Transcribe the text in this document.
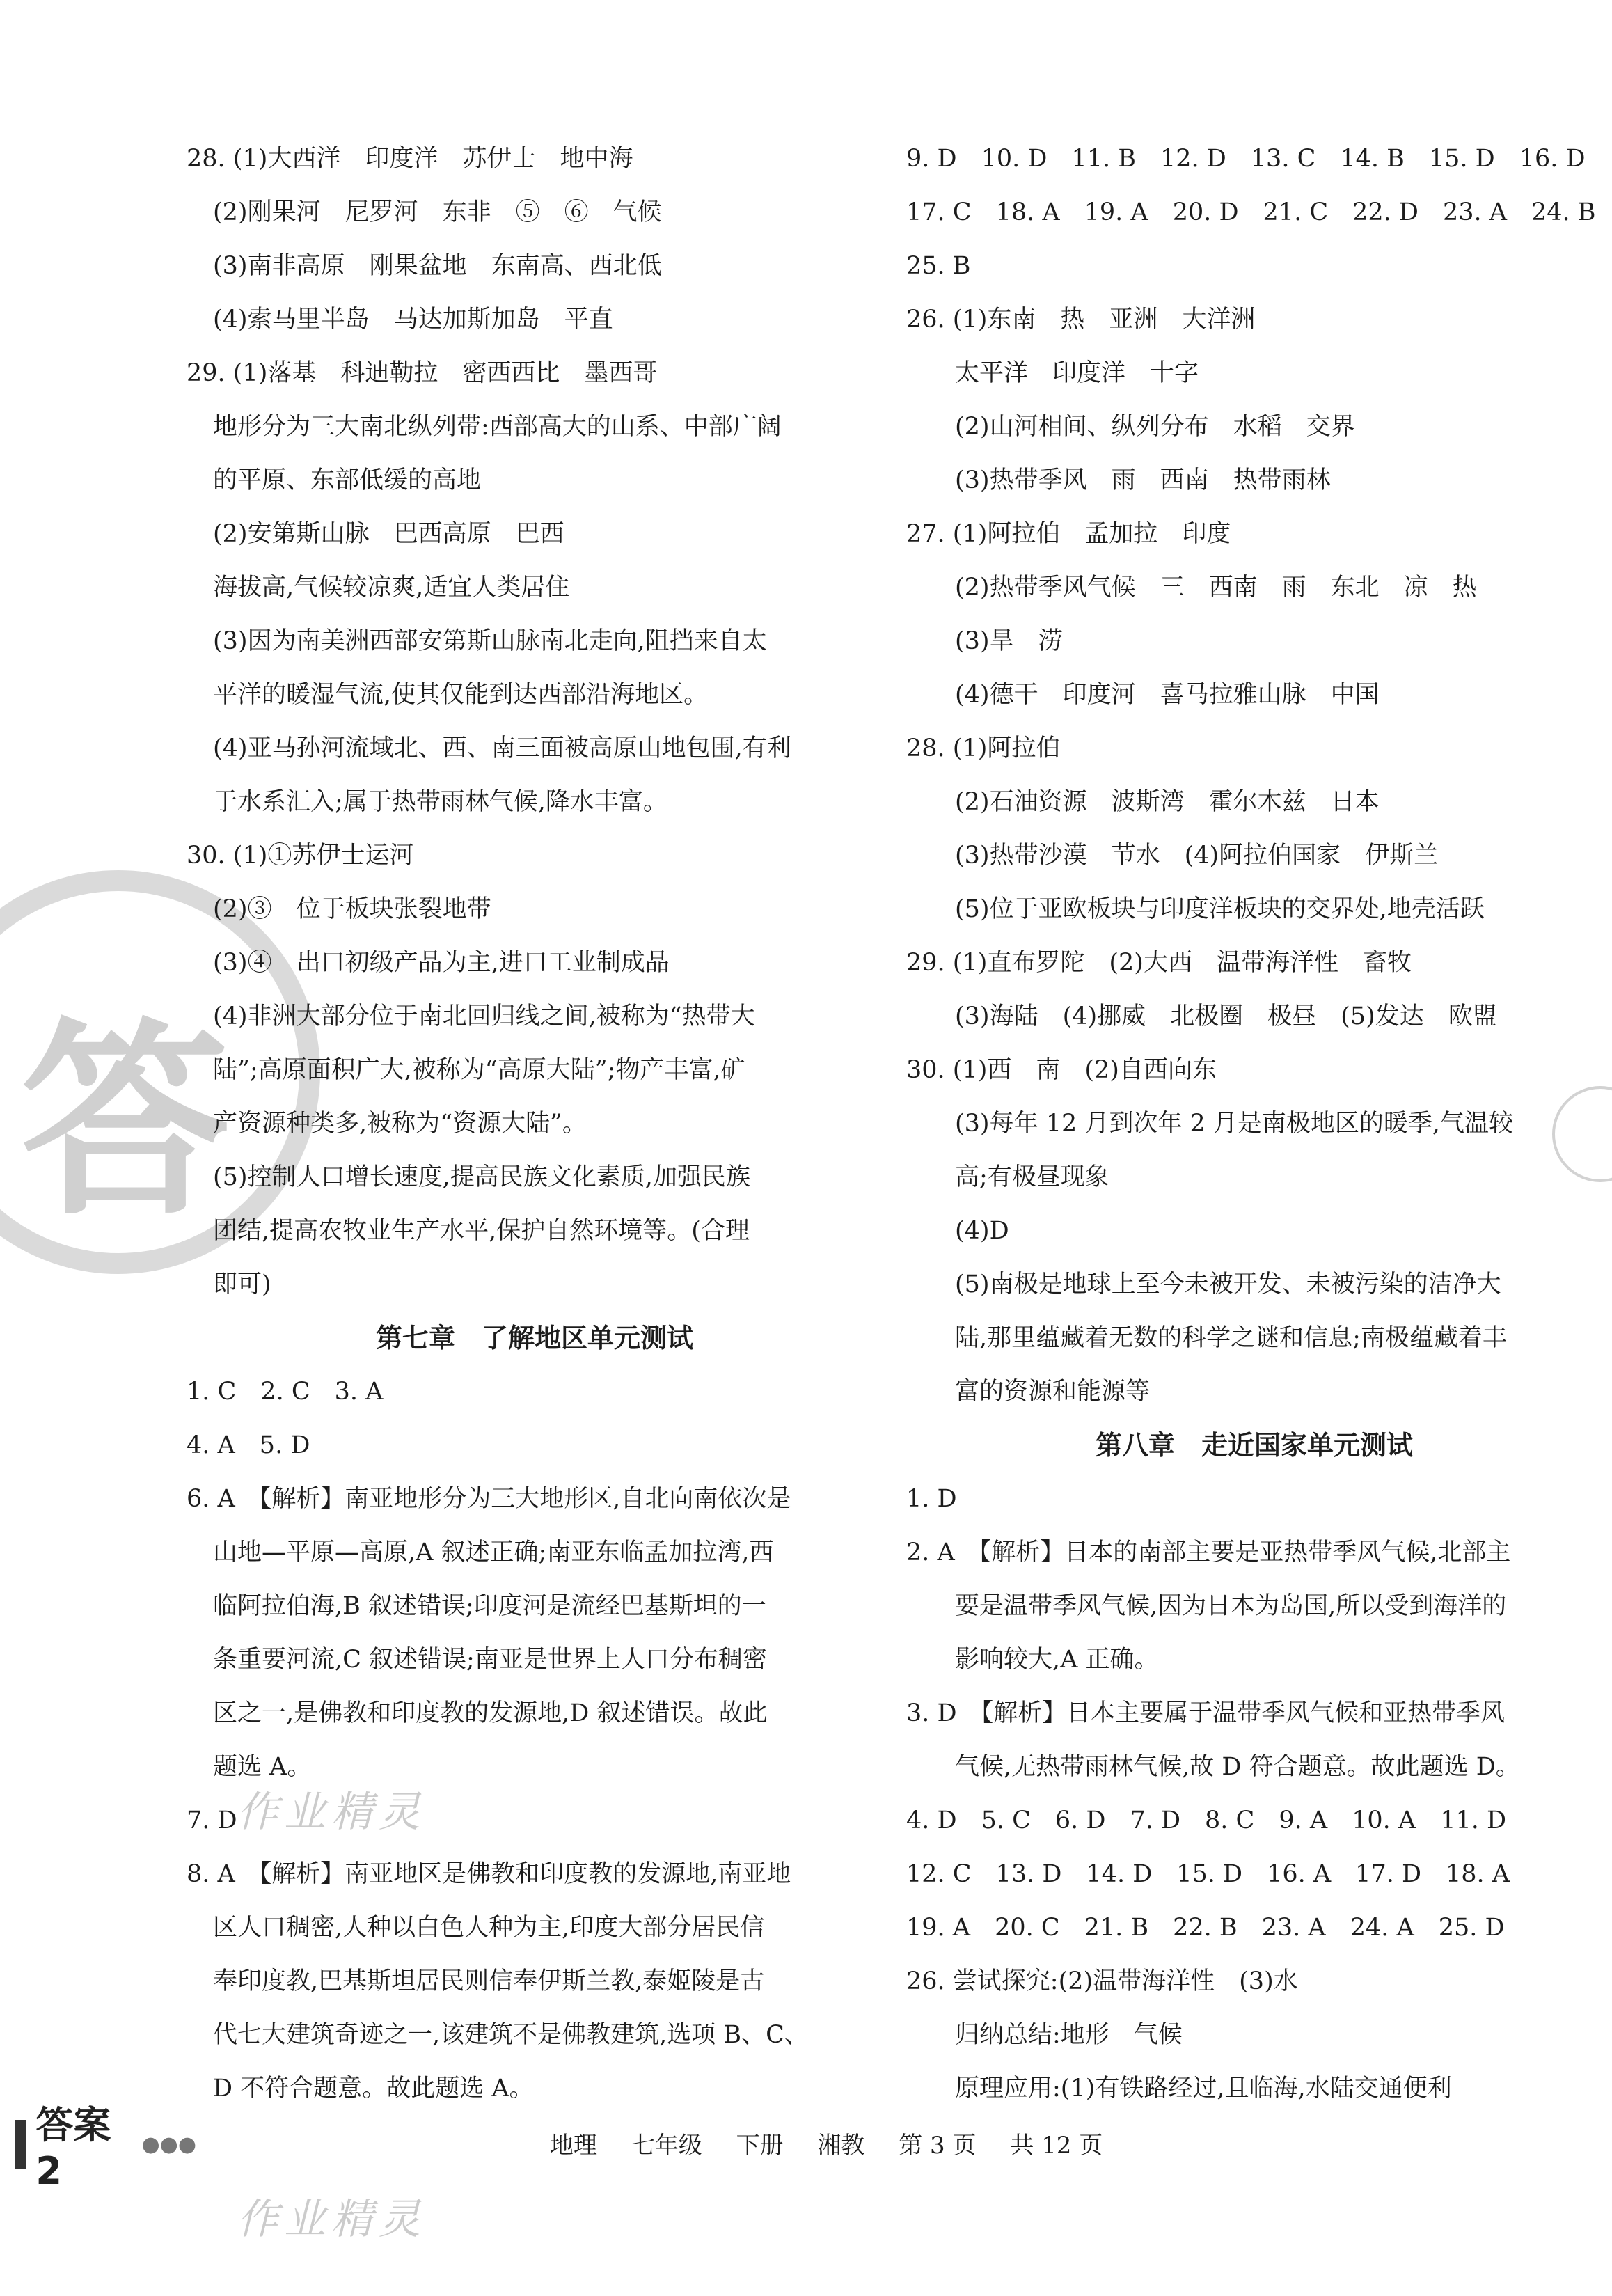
答
作业精灵
作业精灵
28. (1)大西洋　印度洋　苏伊士　地中海
(2)刚果河　尼罗河　东非　⑤　⑥　气候
(3)南非高原　刚果盆地　东南高、西北低
(4)索马里半岛　马达加斯加岛　平直
29. (1)落基　科迪勒拉　密西西比　墨西哥
地形分为三大南北纵列带:西部高大的山系、中部广阔
的平原、东部低缓的高地
(2)安第斯山脉　巴西高原　巴西
海拔高,气候较凉爽,适宜人类居住
(3)因为南美洲西部安第斯山脉南北走向,阻挡来自太
平洋的暖湿气流,使其仅能到达西部沿海地区。
(4)亚马孙河流域北、西、南三面被高原山地包围,有利
于水系汇入;属于热带雨林气候,降水丰富。
30. (1)①苏伊士运河
(2)③　位于板块张裂地带
(3)④　出口初级产品为主,进口工业制成品
(4)非洲大部分位于南北回归线之间,被称为“热带大
陆”;高原面积广大,被称为“高原大陆”;物产丰富,矿
产资源种类多,被称为“资源大陆”。
(5)控制人口增长速度,提高民族文化素质,加强民族
团结,提高农牧业生产水平,保护自然环境等。(合理
即可)
第七章　了解地区单元测试
1. C　2. C　3. A
4. A　5. D
6. A　【解析】南亚地形分为三大地形区,自北向南依次是
山地—平原—高原,A 叙述正确;南亚东临孟加拉湾,西
临阿拉伯海,B 叙述错误;印度河是流经巴基斯坦的一
条重要河流,C 叙述错误;南亚是世界上人口分布稠密
区之一,是佛教和印度教的发源地,D 叙述错误。故此
题选 A。
7. D
8. A　【解析】南亚地区是佛教和印度教的发源地,南亚地
区人口稠密,人种以白色人种为主,印度大部分居民信
奉印度教,巴基斯坦居民则信奉伊斯兰教,泰姬陵是古
代七大建筑奇迹之一,该建筑不是佛教建筑,选项 B、C、
D 不符合题意。故此题选 A。
9. D　10. D　11. B　12. D　13. C　14. B　15. D　16. D
17. C　18. A　19. A　20. D　21. C　22. D　23. A　24. B
25. B
26. (1)东南　热　亚洲　大洋洲
太平洋　印度洋　十字
(2)山河相间、纵列分布　水稻　交界
(3)热带季风　雨　西南　热带雨林
27. (1)阿拉伯　孟加拉　印度
(2)热带季风气候　三　西南　雨　东北　凉　热
(3)旱　涝
(4)德干　印度河　喜马拉雅山脉　中国
28. (1)阿拉伯
(2)石油资源　波斯湾　霍尔木兹　日本
(3)热带沙漠　节水　(4)阿拉伯国家　伊斯兰
(5)位于亚欧板块与印度洋板块的交界处,地壳活跃
29. (1)直布罗陀　(2)大西　温带海洋性　畜牧
(3)海陆　(4)挪威　北极圈　极昼　(5)发达　欧盟
30. (1)西　南　(2)自西向东
(3)每年 12 月到次年 2 月是南极地区的暖季,气温较
高;有极昼现象
(4)D
(5)南极是地球上至今未被开发、未被污染的洁净大
陆,那里蕴藏着无数的科学之谜和信息;南极蕴藏着丰
富的资源和能源等
第八章　走近国家单元测试
1. D
2. A　【解析】日本的南部主要是亚热带季风气候,北部主
要是温带季风气候,因为日本为岛国,所以受到海洋的
影响较大,A 正确。
3. D　【解析】日本主要属于温带季风气候和亚热带季风
气候,无热带雨林气候,故 D 符合题意。故此题选 D。
4. D　5. C　6. D　7. D　8. C　9. A　10. A　11. D
12. C　13. D　14. D　15. D　16. A　17. D　18. A
19. A　20. C　21. B　22. B　23. A　24. A　25. D
26. 尝试探究:(2)温带海洋性　(3)水
归纳总结:地形　气候
原理应用:(1)有铁路经过,且临海,水陆交通便利
答案 2
●●●	地理 七年级 下册 湘教 第 3 页 共 12 页
